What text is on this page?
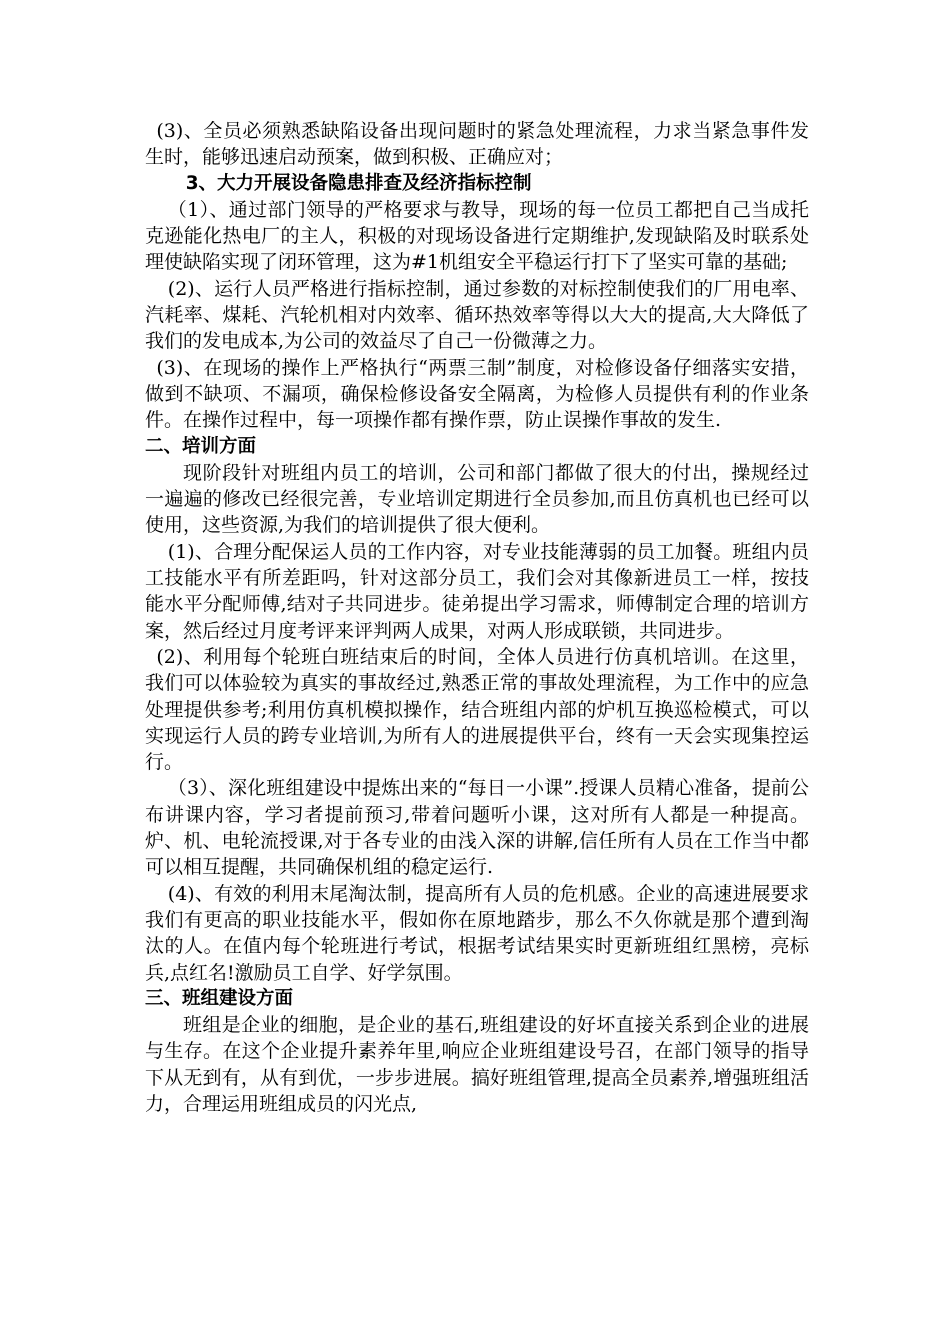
(3)、全员必须熟悉缺陷设备出现问题时的紧急处理流程，力求当紧急事件发生时，能够迅速启动预案，做到积极、正确应对；

3、大力开展设备隐患排查及经济指标控制

（1）、通过部门领导的严格要求与教导，现场的每一位员工都把自己当成托克逊能化热电厂的主人，积极的对现场设备进行定期维护,发现缺陷及时联系处理使缺陷实现了闭环管理，这为#1机组安全平稳运行打下了坚实可靠的基础;

(2)、运行人员严格进行指标控制，通过参数的对标控制使我们的厂用电率、汽耗率、煤耗、汽轮机相对内效率、循环热效率等得以大大的提高,大大降低了我们的发电成本,为公司的效益尽了自己一份微薄之力。

(3)、在现场的操作上严格执行“两票三制”制度，对检修设备仔细落实安措，做到不缺项、不漏项，确保检修设备安全隔离，为检修人员提供有利的作业条件。在操作过程中，每一项操作都有操作票，防止误操作事故的发生.

二、培训方面

现阶段针对班组内员工的培训，公司和部门都做了很大的付出，操规经过一遍遍的修改已经很完善，专业培训定期进行全员参加,而且仿真机也已经可以使用，这些资源,为我们的培训提供了很大便利。

(1)、合理分配保运人员的工作内容，对专业技能薄弱的员工加餐。班组内员工技能水平有所差距吗，针对这部分员工，我们会对其像新进员工一样，按技能水平分配师傅,结对子共同进步。徒弟提出学习需求，师傅制定合理的培训方案，然后经过月度考评来评判两人成果，对两人形成联锁，共同进步。

(2)、利用每个轮班白班结束后的时间，全体人员进行仿真机培训。在这里，我们可以体验较为真实的事故经过,熟悉正常的事故处理流程，为工作中的应急处理提供参考;利用仿真机模拟操作，结合班组内部的炉机互换巡检模式，可以实现运行人员的跨专业培训,为所有人的进展提供平台，终有一天会实现集控运行。

（3）、深化班组建设中提炼出来的“每日一小课”.授课人员精心准备，提前公布讲课内容，学习者提前预习,带着问题听小课，这对所有人都是一种提高。炉、机、电轮流授课,对于各专业的由浅入深的讲解,信任所有人员在工作当中都可以相互提醒，共同确保机组的稳定运行.

(4)、有效的利用末尾淘汰制，提高所有人员的危机感。企业的高速进展要求我们有更高的职业技能水平，假如你在原地踏步，那么不久你就是那个遭到淘汰的人。在值内每个轮班进行考试，根据考试结果实时更新班组红黑榜，亮标兵,点红名!激励员工自学、好学氛围。

三、班组建设方面

班组是企业的细胞，是企业的基石,班组建设的好坏直接关系到企业的进展与生存。在这个企业提升素养年里,响应企业班组建设号召，在部门领导的指导下从无到有，从有到优，一步步进展。搞好班组管理,提高全员素养,增强班组活力，合理运用班组成员的闪光点,
